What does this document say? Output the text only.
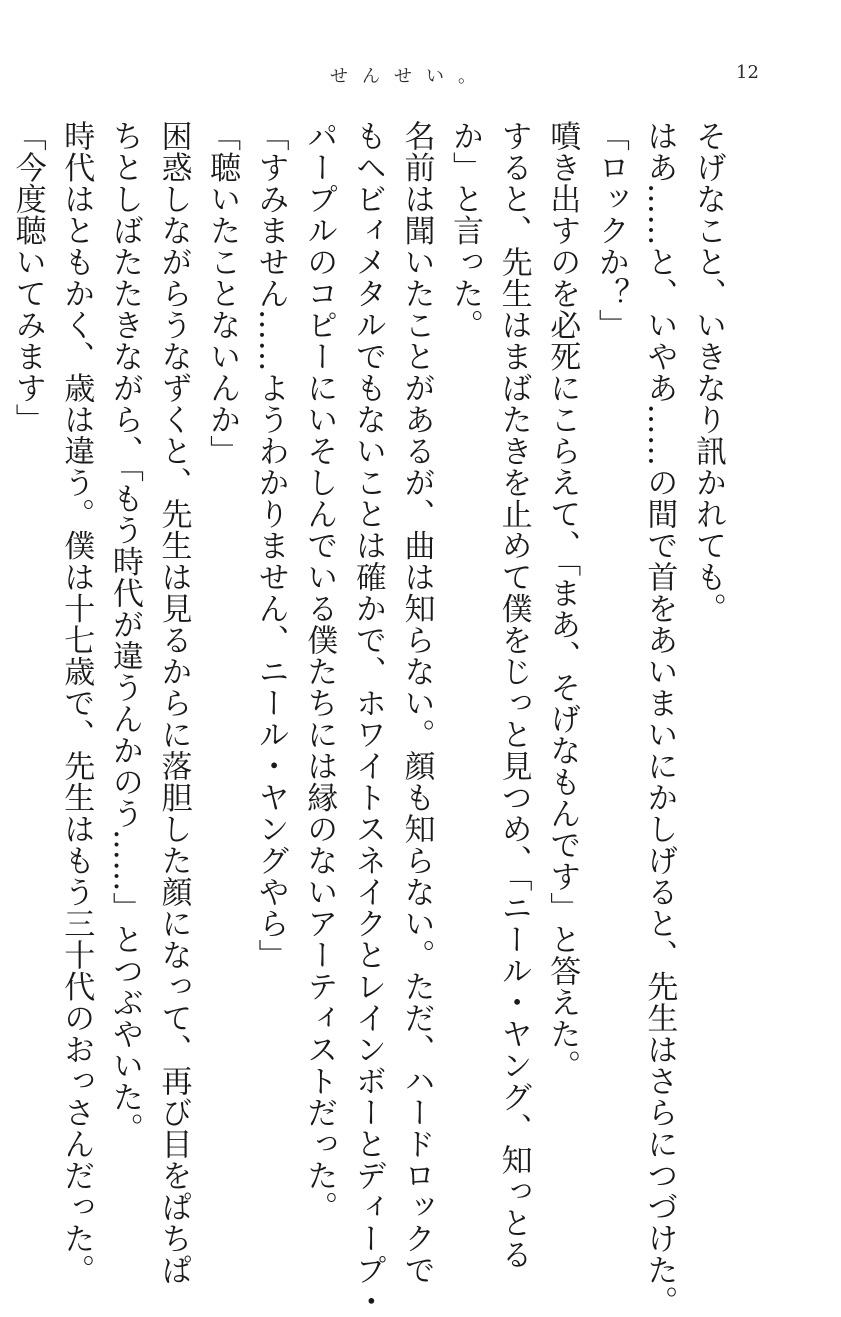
せんせい。	12
そげなこと、いきなり訊かれても。
はあ……と、いやあ……の間で首をあいまいにかしげると、先生はさらにつづけた。
「ロックか？」
噴き出すのを必死にこらえて、「まあ、そげなもんです」と答えた。
すると、先生はまばたきを止めて僕をじっと見つめ、「ニール・ヤング、知っとる
か」と言った。
名前は聞いたことがあるが、曲は知らない。顔も知らない。ただ、ハードロックで
もヘビィメタルでもないことは確かで、ホワイトスネイクとレインボーとディープ・
パープルのコピーにいそしんでいる僕たちには縁のないアーティストだった。
「すみません……ようわかりません、ニール・ヤングやら」
「聴いたことないんか」
困惑しながらうなずくと、先生は見るからに落胆した顔になって、再び目をぱちぱ
ちとしばたたきながら、「もう時代が違うんかのう……」とつぶやいた。
時代はともかく、歳は違う。僕は十七歳で、先生はもう三十代のおっさんだった。
「今度聴いてみます」
